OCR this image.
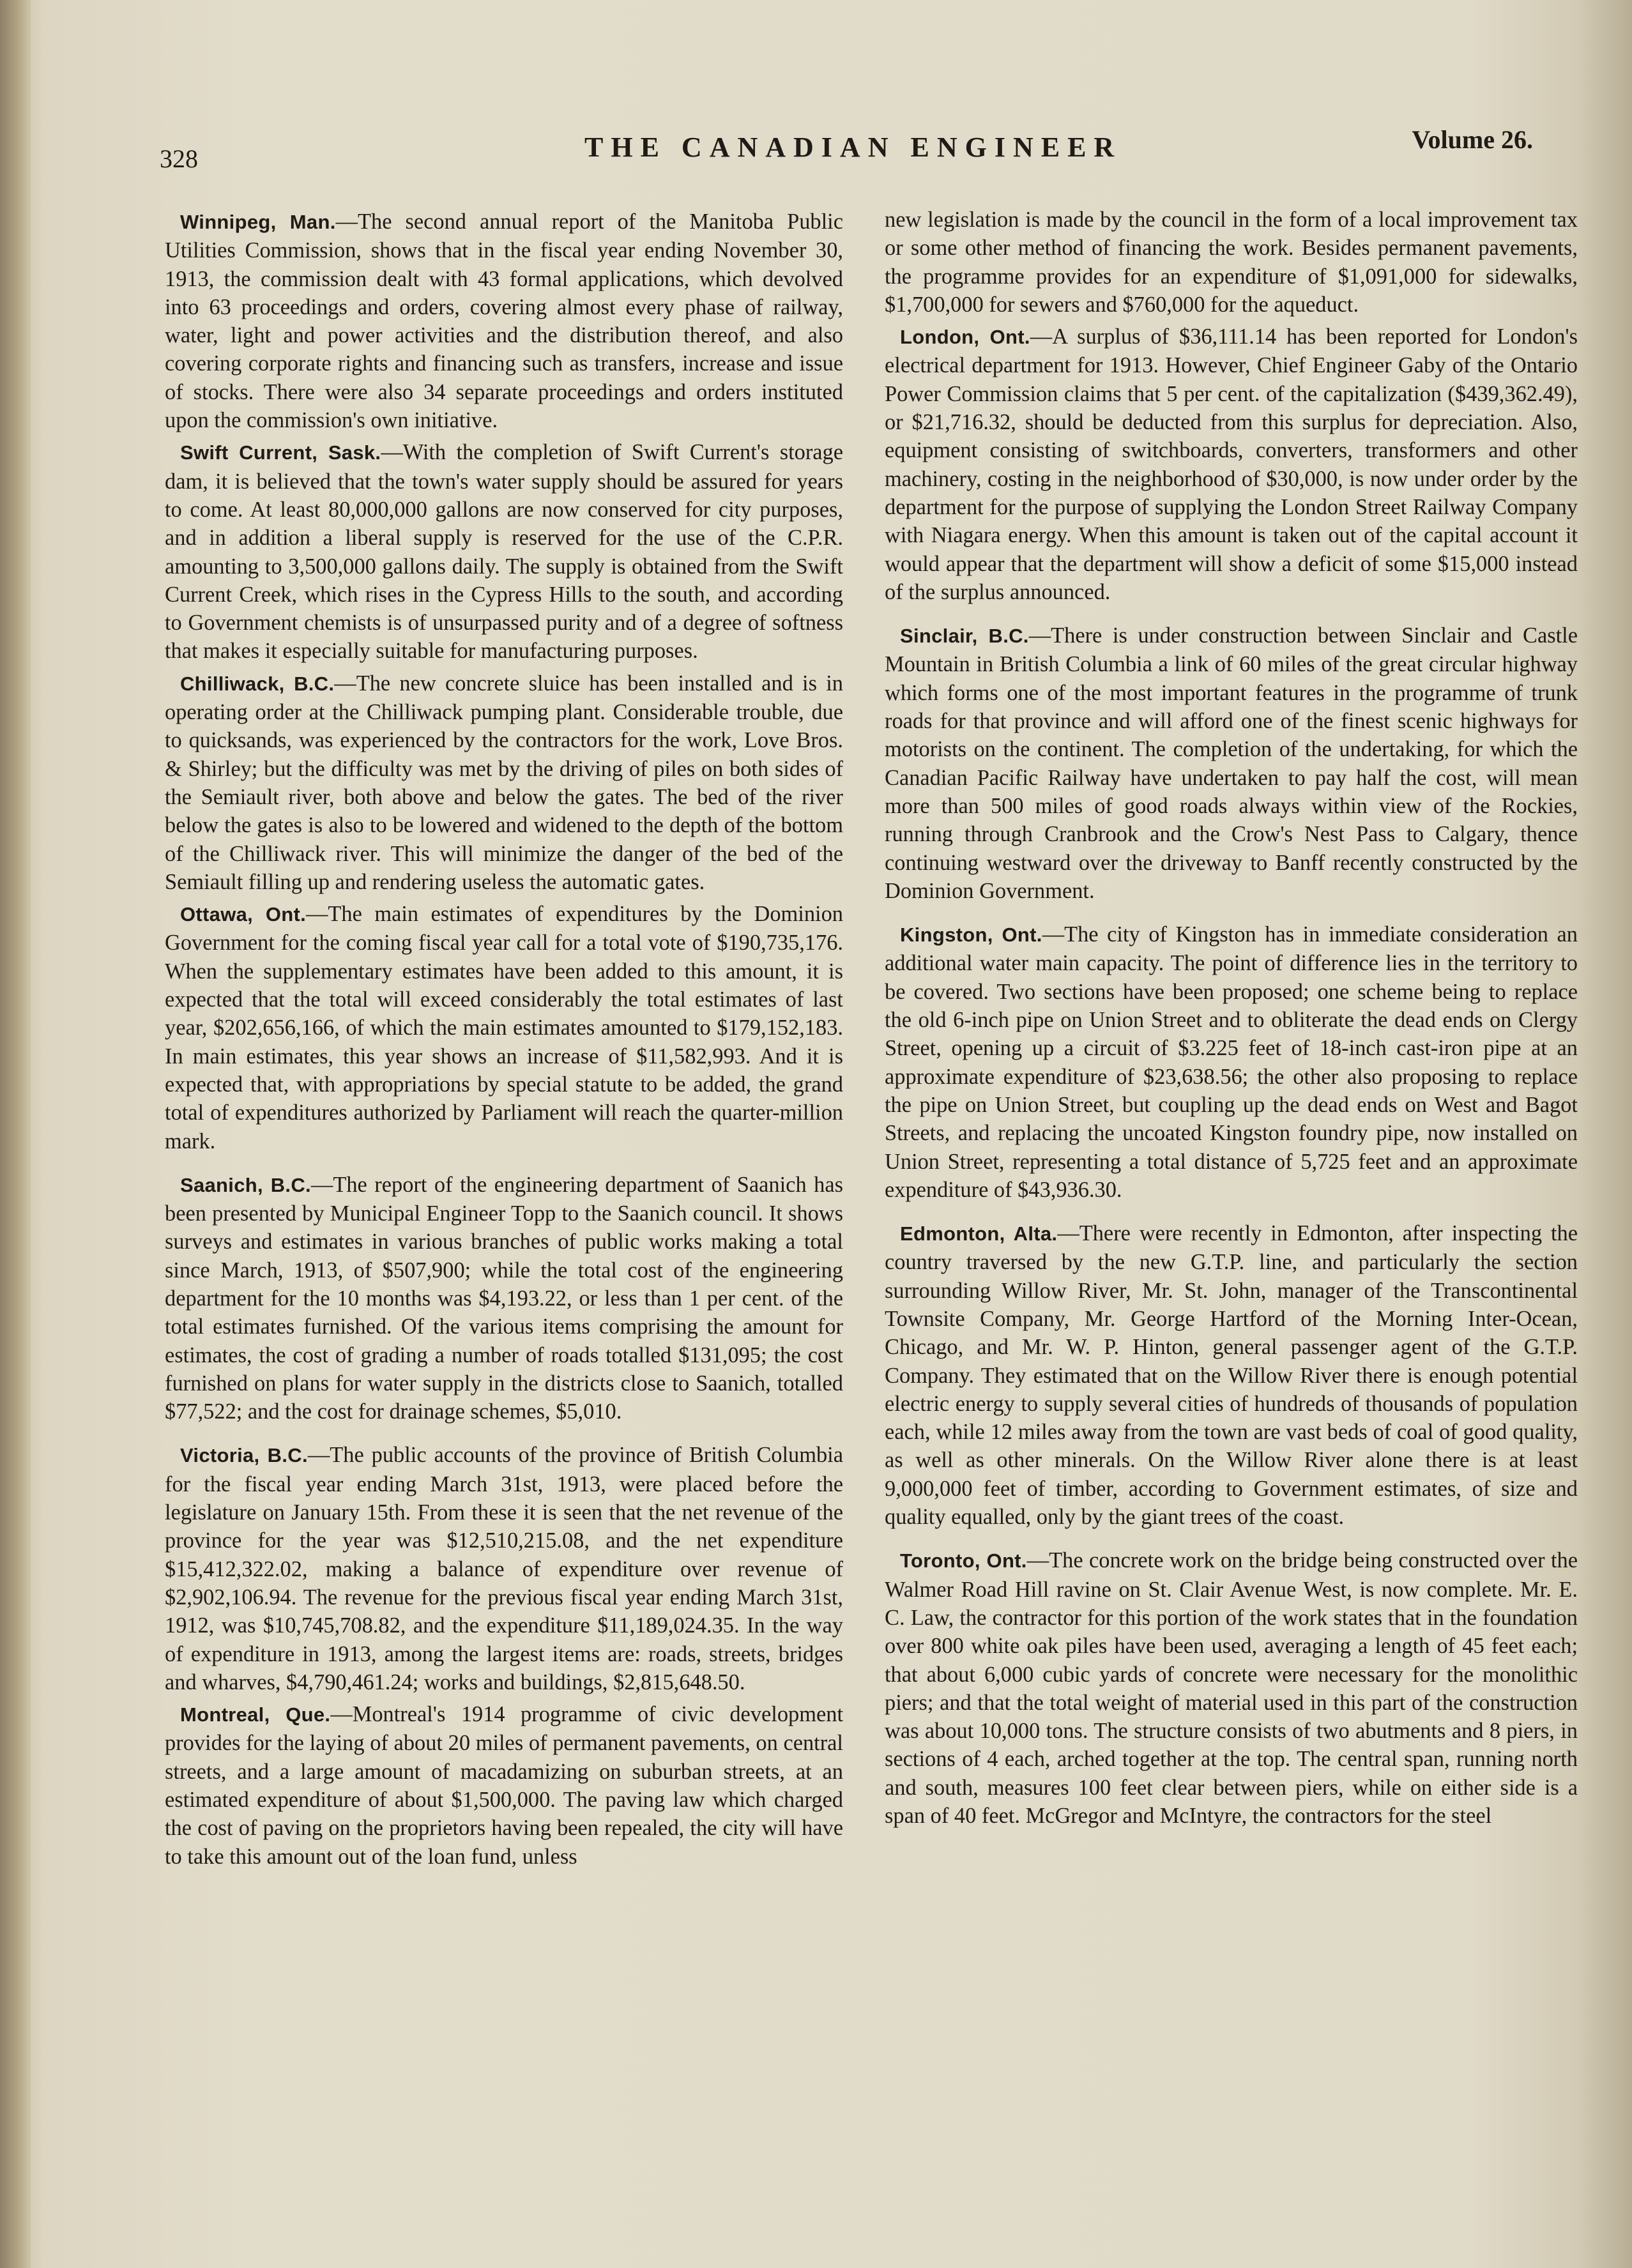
328	THE CANADIAN ENGINEER	Volume 26.

Winnipeg, Man.—The second annual report of the Manitoba Public Utilities Commission, shows that in the fiscal year ending November 30, 1913, the commission dealt with 43 formal applications, which devolved into 63 proceedings and orders, covering almost every phase of railway, water, light and power activities and the distribution thereof, and also covering corporate rights and financing such as transfers, increase and issue of stocks. There were also 34 separate proceedings and orders instituted upon the commission's own initiative.

Swift Current, Sask.—With the completion of Swift Current's storage dam, it is believed that the town's water supply should be assured for years to come. At least 80,000,000 gallons are now conserved for city purposes, and in addition a liberal supply is reserved for the use of the C.P.R. amounting to 3,500,000 gallons daily. The supply is obtained from the Swift Current Creek, which rises in the Cypress Hills to the south, and according to Government chemists is of unsurpassed purity and of a degree of softness that makes it especially suitable for manufacturing purposes.

Chilliwack, B.C.—The new concrete sluice has been installed and is in operating order at the Chilliwack pumping plant. Considerable trouble, due to quicksands, was experienced by the contractors for the work, Love Bros. & Shirley; but the difficulty was met by the driving of piles on both sides of the Semiault river, both above and below the gates. The bed of the river below the gates is also to be lowered and widened to the depth of the bottom of the Chilliwack river. This will minimize the danger of the bed of the Semiault filling up and rendering useless the automatic gates.

Ottawa, Ont.—The main estimates of expenditures by the Dominion Government for the coming fiscal year call for a total vote of $190,735,176. When the supplementary estimates have been added to this amount, it is expected that the total will exceed considerably the total estimates of last year, $202,656,166, of which the main estimates amounted to $179,152,183. In main estimates, this year shows an increase of $11,582,993. And it is expected that, with appropriations by special statute to be added, the grand total of expenditures authorized by Parliament will reach the quarter-million mark.

Saanich, B.C.—The report of the engineering department of Saanich has been presented by Municipal Engineer Topp to the Saanich council. It shows surveys and estimates in various branches of public works making a total since March, 1913, of $507,900; while the total cost of the engineering department for the 10 months was $4,193.22, or less than 1 per cent. of the total estimates furnished. Of the various items comprising the amount for estimates, the cost of grading a number of roads totalled $131,095; the cost furnished on plans for water supply in the districts close to Saanich, totalled $77,522; and the cost for drainage schemes, $5,010.

Victoria, B.C.—The public accounts of the province of British Columbia for the fiscal year ending March 31st, 1913, were placed before the legislature on January 15th. From these it is seen that the net revenue of the province for the year was $12,510,215.08, and the net expenditure $15,412,322.02, making a balance of expenditure over revenue of $2,902,106.94. The revenue for the previous fiscal year ending March 31st, 1912, was $10,745,708.82, and the expenditure $11,189,024.35. In the way of expenditure in 1913, among the largest items are: roads, streets, bridges and wharves, $4,790,461.24; works and buildings, $2,815,648.50.

Montreal, Que.—Montreal's 1914 programme of civic development provides for the laying of about 20 miles of permanent pavements, on central streets, and a large amount of macadamizing on suburban streets, at an estimated expenditure of about $1,500,000. The paving law which charged the cost of paving on the proprietors having been repealed, the city will have to take this amount out of the loan fund, unless

new legislation is made by the council in the form of a local improvement tax or some other method of financing the work. Besides permanent pavements, the programme provides for an expenditure of $1,091,000 for sidewalks, $1,700,000 for sewers and $760,000 for the aqueduct.

London, Ont.—A surplus of $36,111.14 has been reported for London's electrical department for 1913. However, Chief Engineer Gaby of the Ontario Power Commission claims that 5 per cent. of the capitalization ($439,362.49), or $21,716.32, should be deducted from this surplus for depreciation. Also, equipment consisting of switchboards, converters, transformers and other machinery, costing in the neighborhood of $30,000, is now under order by the department for the purpose of supplying the London Street Railway Company with Niagara energy. When this amount is taken out of the capital account it would appear that the department will show a deficit of some $15,000 instead of the surplus announced.

Sinclair, B.C.—There is under construction between Sinclair and Castle Mountain in British Columbia a link of 60 miles of the great circular highway which forms one of the most important features in the programme of trunk roads for that province and will afford one of the finest scenic highways for motorists on the continent. The completion of the undertaking, for which the Canadian Pacific Railway have undertaken to pay half the cost, will mean more than 500 miles of good roads always within view of the Rockies, running through Cranbrook and the Crow's Nest Pass to Calgary, thence continuing westward over the driveway to Banff recently constructed by the Dominion Government.

Kingston, Ont.—The city of Kingston has in immediate consideration an additional water main capacity. The point of difference lies in the territory to be covered. Two sections have been proposed; one scheme being to replace the old 6-inch pipe on Union Street and to obliterate the dead ends on Clergy Street, opening up a circuit of $3.225 feet of 18-inch cast-iron pipe at an approximate expenditure of $23,638.56; the other also proposing to replace the pipe on Union Street, but coupling up the dead ends on West and Bagot Streets, and replacing the uncoated Kingston foundry pipe, now installed on Union Street, representing a total distance of 5,725 feet and an approximate expenditure of $43,936.30.

Edmonton, Alta.—There were recently in Edmonton, after inspecting the country traversed by the new G.T.P. line, and particularly the section surrounding Willow River, Mr. St. John, manager of the Transcontinental Townsite Company, Mr. George Hartford of the Morning Inter-Ocean, Chicago, and Mr. W. P. Hinton, general passenger agent of the G.T.P. Company. They estimated that on the Willow River there is enough potential electric energy to supply several cities of hundreds of thousands of population each, while 12 miles away from the town are vast beds of coal of good quality, as well as other minerals. On the Willow River alone there is at least 9,000,000 feet of timber, according to Government estimates, of size and quality equalled, only by the giant trees of the coast.

Toronto, Ont.—The concrete work on the bridge being constructed over the Walmer Road Hill ravine on St. Clair Avenue West, is now complete. Mr. E. C. Law, the contractor for this portion of the work states that in the foundation over 800 white oak piles have been used, averaging a length of 45 feet each; that about 6,000 cubic yards of concrete were necessary for the monolithic piers; and that the total weight of material used in this part of the construction was about 10,000 tons. The structure consists of two abutments and 8 piers, in sections of 4 each, arched together at the top. The central span, running north and south, measures 100 feet clear between piers, while on either side is a span of 40 feet. McGregor and McIntyre, the contractors for the steel
